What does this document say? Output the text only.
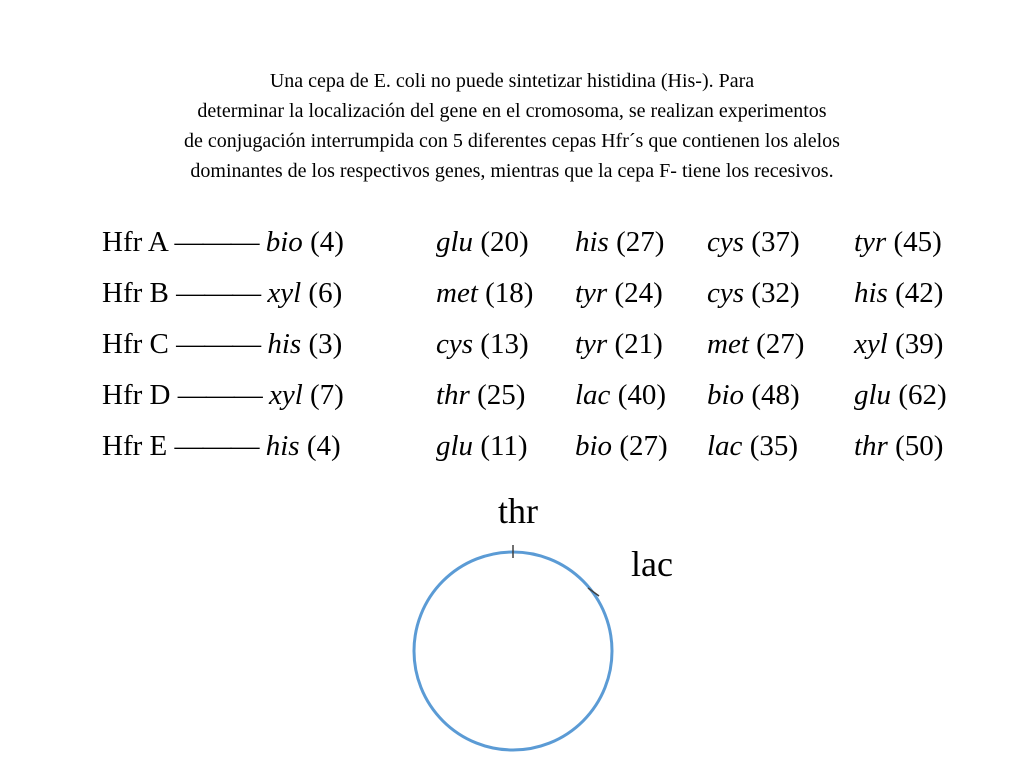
Una cepa de E. coli no puede sintetizar histidina (His-). Para
determinar la localización del gene en el cromosoma, se realizan experimentos
de conjugación interrumpida con 5 diferentes cepas Hfr´s que contienen los alelos
dominantes de los respectivos genes, mientras que la cepa F- tiene los recesivos.
Hfr A ——— bio (4)	glu (20) his (27) cys (37) tyr (45)
Hfr B ——— xyl (6)	met (18) tyr (24) cys (32) his (42)
Hfr C ——— his (3)	cys (13) tyr (21) met (27) xyl (39)
Hfr D ——— xyl (7)	thr (25) lac (40) bio (48) glu (62)
Hfr E ——— his (4)	glu (11) bio (27) lac (35) thr (50)
thr
lac
